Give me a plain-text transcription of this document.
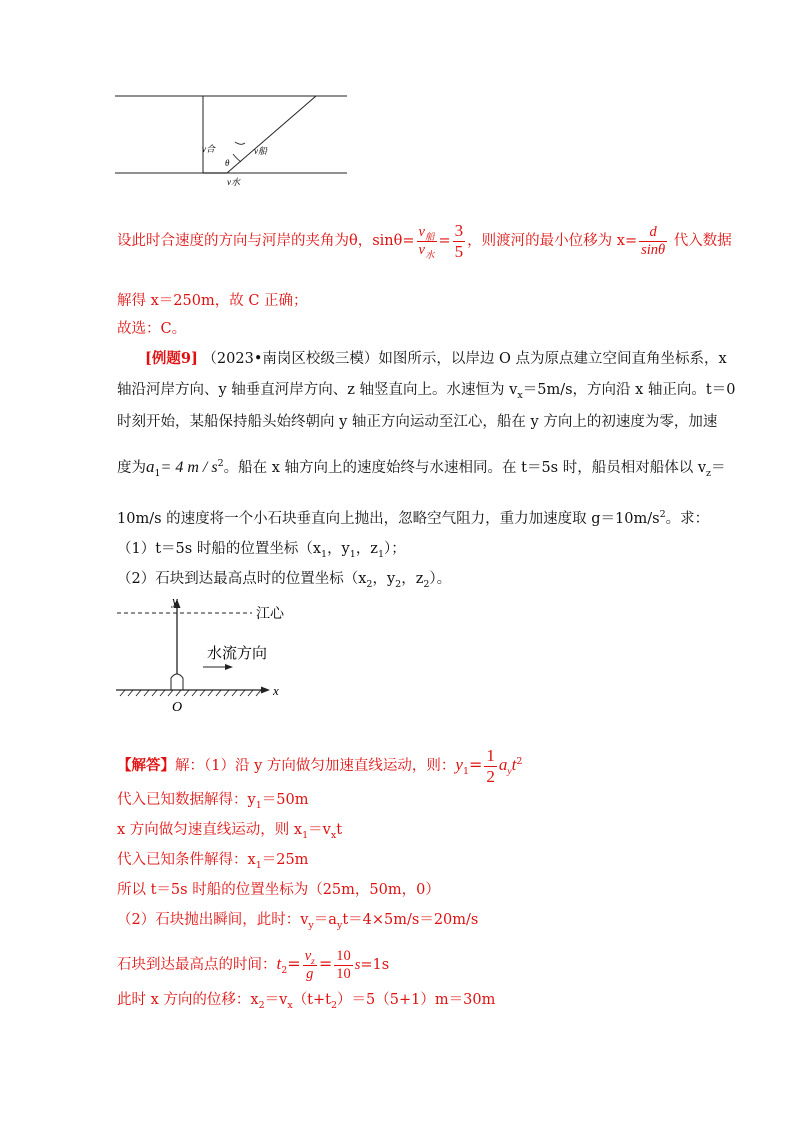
v合	v船
θ
v水
设此时合速度的方向与河岸的夹角为θ，$\sin\theta= \frac{v_船}{v_水} = \frac{3}{5}$ ，则渡河的最小位移为 $x= \frac{d}{\sin\theta}$ 代入数据
解得 x＝250m，故 C 正确；
故选：C。
[例题9] （2023•南岗区校级三模）如图所示，以岸边 O 点为原点建立空间直角坐标系，x
轴沿河岸方向、y 轴垂直河岸方向、z 轴竖直向上。水速恒为 $v_x=5m/s$，方向沿 x 轴正向。t＝0
时刻开始，某船保持船头始终朝向 y 轴正方向运动至江心，船在 y 方向上的初速度为零，加速
度为$a_1= 4$ m / $s^2$。船在 x 轴方向上的速度始终与水速相同。在 t＝5s 时，船员相对船体以 $v_z=$
10m/s 的速度将一个小石块垂直向上抛出，忽略空气阻力，重力加速度取 $g=10m/s^2$。求：
（1）t＝5s 时船的位置坐标（$x_1$，$y_1$，$z_1$）；
（2）石块到达最高点时的位置坐标（$x_2$，$y_2$，$z_2$）。
江心
y
水流方向
x
O
【解答】解：（1）沿 y 方向做匀加速直线运动，则：$y_1= \frac{1}{2} a_yt^2$
代入已知数据解得：$y_1=50m$
x 方向做匀速直线运动，则 $x_1=v_xt$
代入已知条件解得：$x_1=25m$
所以 t＝5s 时船的位置坐标为（25m，50m，0）
（2）石块抛出瞬间，此时：$v_y=a_yt=4\times 5m/s=20m/s$
石块到达最高点的时间：$t_2= \frac{v_z}{g} = \frac{10}{10} s=1s$
此时 x 方向的位移：$x_2=v_x(t+t_2)=5(5+1)m=30m$
